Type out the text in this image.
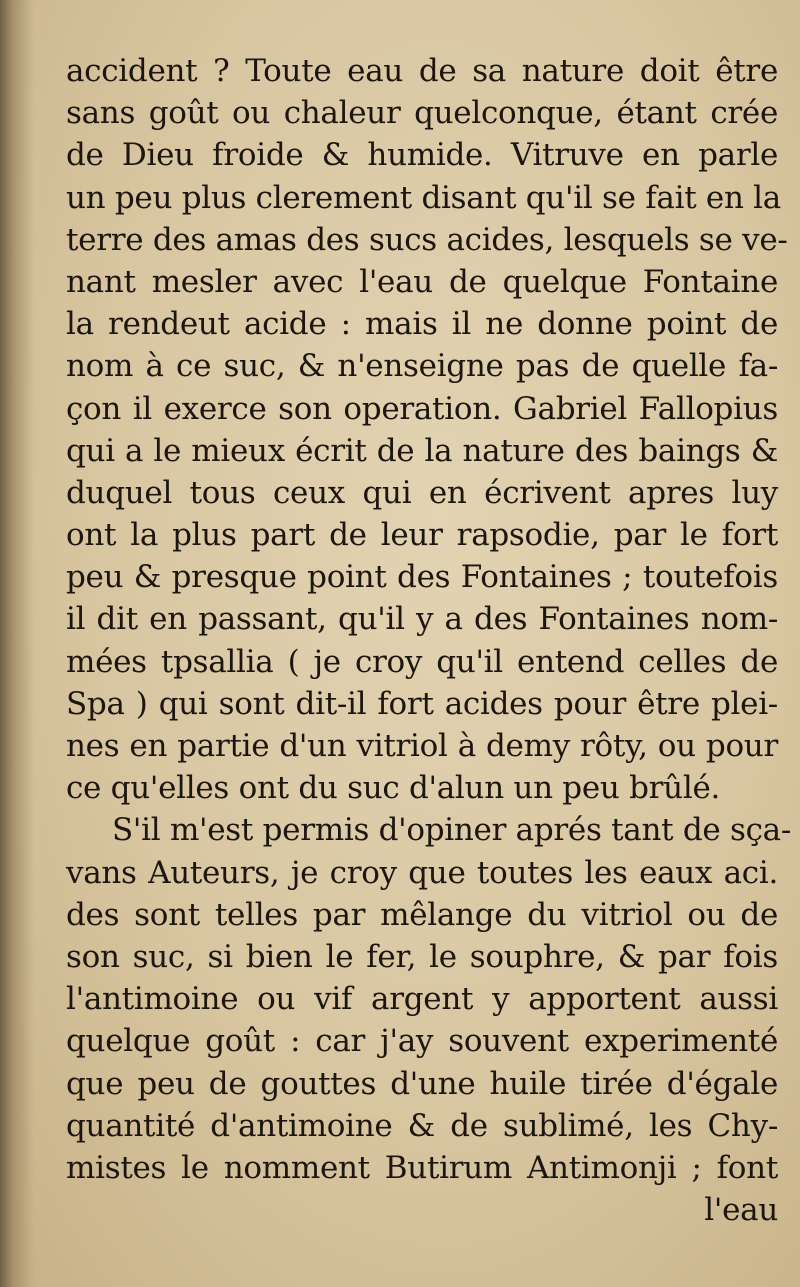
accident ? Toute eau de sa nature doit être
sans goût ou chaleur quelconque, étant crée
de Dieu froide & humide. Vitruve en parle
un peu plus clerement disant qu'il se fait en la
terre des amas des sucs acides, lesquels se ve-
nant mesler avec l'eau de quelque Fontaine
la rendeut acide : mais il ne donne point de
nom à ce suc, & n'enseigne pas de quelle fa-
çon il exerce son operation. Gabriel Fallopius
qui a le mieux écrit de la nature des baings &
duquel tous ceux qui en écrivent apres luy
ont la plus part de leur rapsodie, par le fort
peu & presque point des Fontaines ; toutefois
il dit en passant, qu'il y a des Fontaines nom-
mées tpsallia ( je croy qu'il entend celles de
Spa ) qui sont dit-il fort acides pour être plei-
nes en partie d'un vitriol à demy rôty, ou pour
ce qu'elles ont du suc d'alun un peu brûlé.
S'il m'est permis d'opiner aprés tant de sça-
vans Auteurs, je croy que toutes les eaux aci.
des sont telles par mêlange du vitriol ou de
son suc, si bien le fer, le souphre, & par fois
l'antimoine ou vif argent y apportent aussi
quelque goût : car j'ay souvent experimenté
que peu de gouttes d'une huile tirée d'égale
quantité d'antimoine & de sublimé, les Chy-
mistes le nomment Butirum Antimonji ; font
l'eau
